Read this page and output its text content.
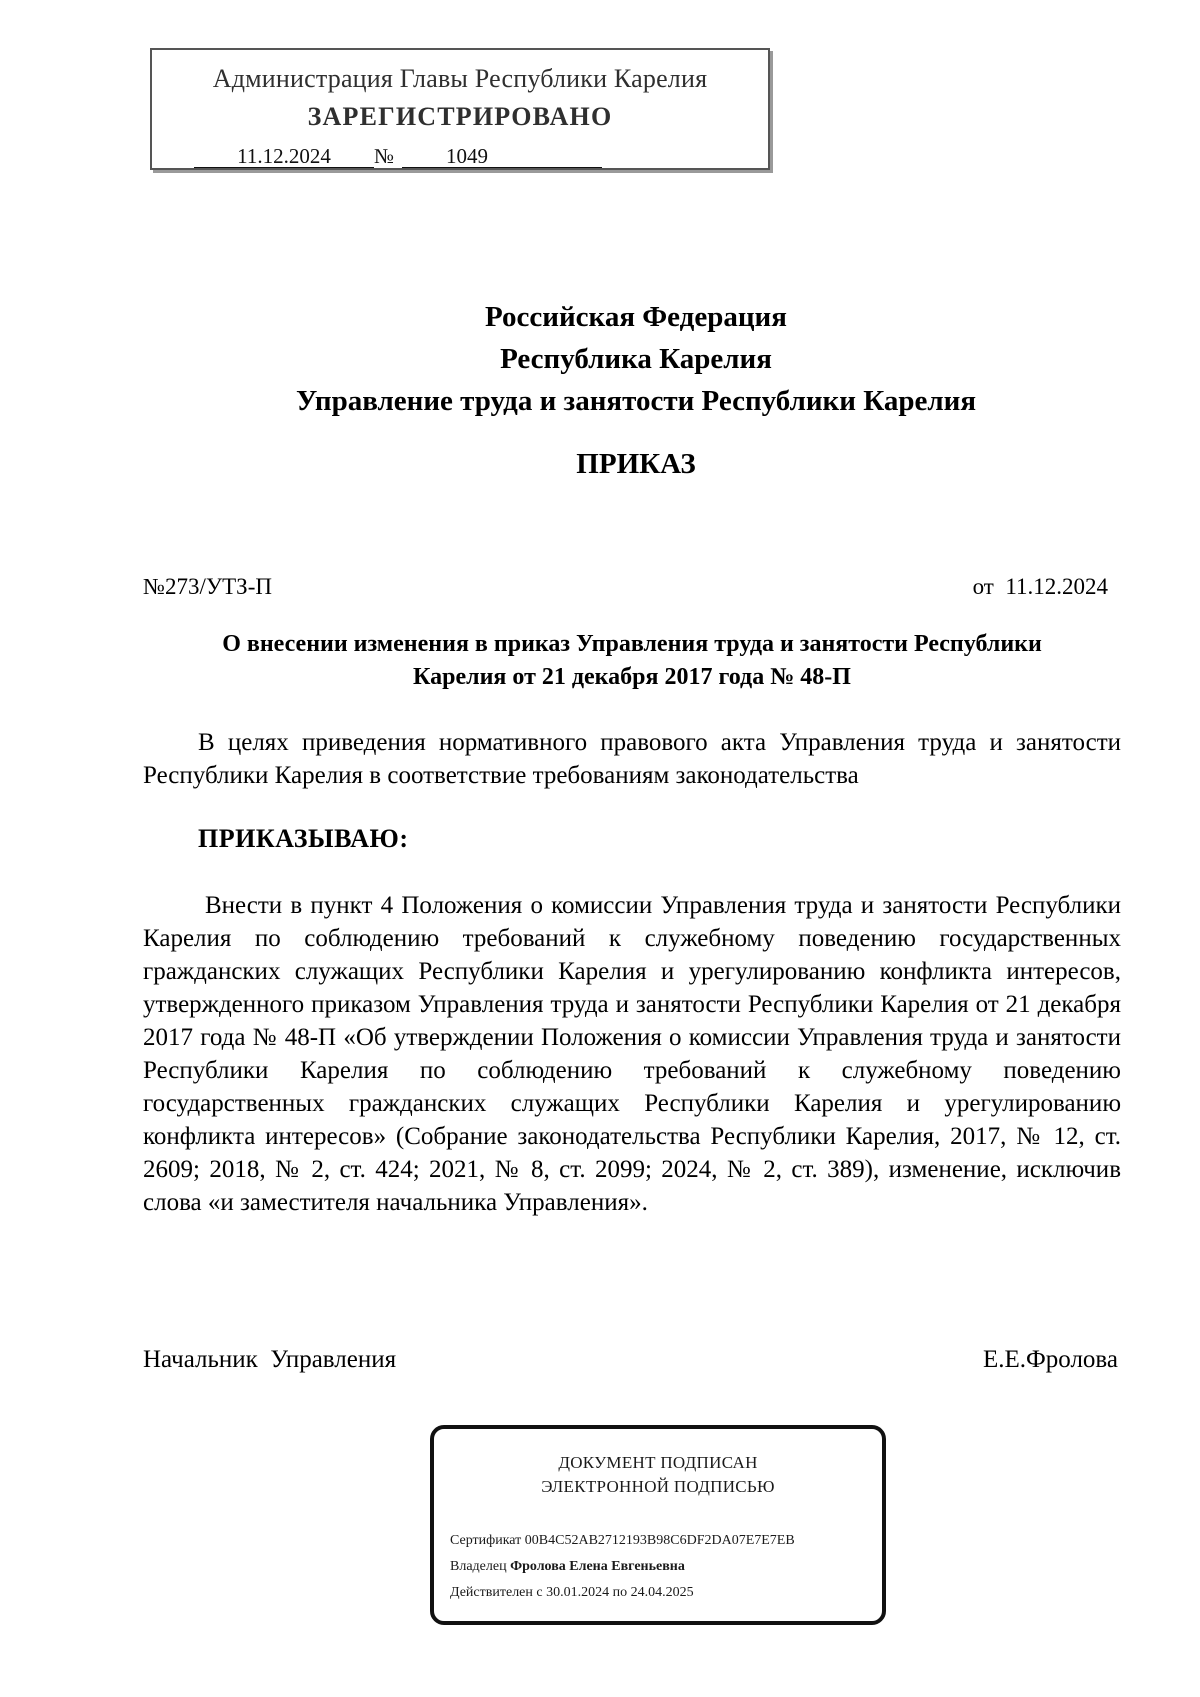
Администрация Главы Республики Карелия
ЗАРЕГИСТРИРОВАНО
11.12.2024 № 1049
Российская Федерация
Республика Карелия
Управление труда и занятости Республики Карелия
ПРИКАЗ
№273/УТЗ-П	от 11.12.2024
О внесении изменения в приказ Управления труда и занятости Республики
Карелия от 21 декабря 2017 года № 48-П
В целях приведения нормативного правового акта Управления труда и занятости Республики Карелия в соответствие требованиям законодательства
ПРИКАЗЫВАЮ:
Внести в пункт 4 Положения о комиссии Управления труда и занятости Республики Карелия по соблюдению требований к служебному поведению государственных гражданских служащих Республики Карелия и урегулированию конфликта интересов, утвержденного приказом Управления труда и занятости Республики Карелия от 21 декабря 2017 года № 48-П «Об утверждении Положения о комиссии Управления труда и занятости Республики Карелия по соблюдению требований к служебному поведению государственных гражданских служащих Республики Карелия и урегулированию конфликта интересов» (Собрание законодательства Республики Карелия, 2017, № 12, ст. 2609; 2018, № 2, ст. 424; 2021, № 8, ст. 2099; 2024, № 2, ст. 389), изменение, исключив слова «и заместителя начальника Управления».
Начальник  Управления	Е.Е.Фролова
ДОКУМЕНТ ПОДПИСАН
ЭЛЕКТРОННОЙ ПОДПИСЬЮ
Сертификат 00B4C52AB2712193B98C6DF2DA07E7E7EB
Владелец Фролова Елена Евгеньевна
Действителен с 30.01.2024 по 24.04.2025
